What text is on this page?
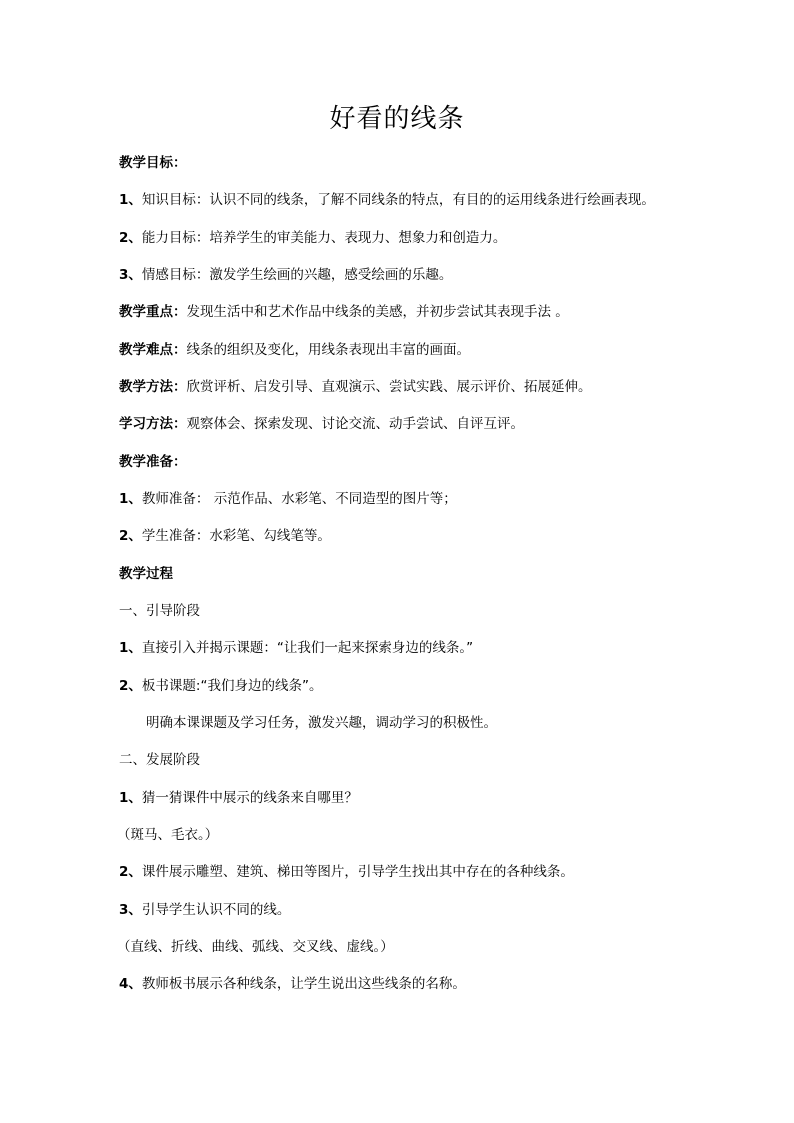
好看的线条

教学目标：

1、知识目标：认识不同的线条，了解不同线条的特点，有目的的运用线条进行绘画表现。

2、能力目标：培养学生的审美能力、表现力、想象力和创造力。

3、情感目标：激发学生绘画的兴趣，感受绘画的乐趣。

教学重点：发现生活中和艺术作品中线条的美感，并初步尝试其表现手法 。

教学难点：线条的组织及变化，用线条表现出丰富的画面。

教学方法：欣赏评析、启发引导、直观演示、尝试实践、展示评价、拓展延伸。

学习方法：观察体会、探索发现、讨论交流、动手尝试、自评互评。

教学准备：

1、教师准备： 示范作品、水彩笔、不同造型的图片等；

2、学生准备：水彩笔、勾线笔等。

教学过程

一、引导阶段

1、直接引入并揭示课题：“让我们一起来探索身边的线条。”

2、板书课题:“我们身边的线条”。

明确本课课题及学习任务，激发兴趣，调动学习的积极性。

二、发展阶段

1、猜一猜课件中展示的线条来自哪里？

（斑马、毛衣。）

2、课件展示雕塑、建筑、梯田等图片，引导学生找出其中存在的各种线条。

3、引导学生认识不同的线。

（直线、折线、曲线、弧线、交叉线、虚线。）

4、教师板书展示各种线条，让学生说出这些线条的名称。
